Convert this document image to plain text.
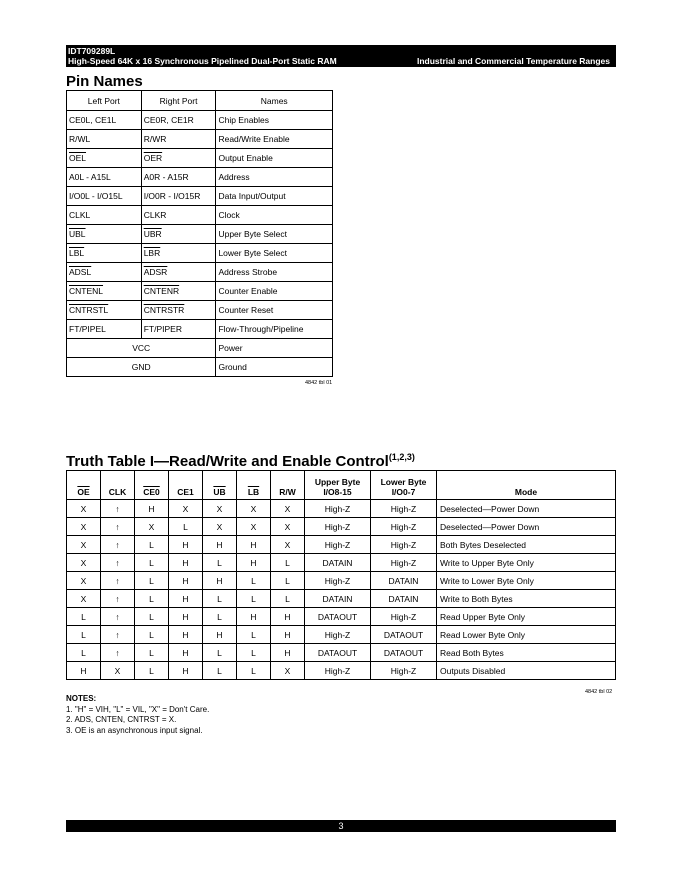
IDT709289L
High-Speed 64K x 16 Synchronous Pipelined Dual-Port Static RAM	Industrial and Commercial Temperature Ranges
Pin Names
Left Port	Right Port	Names
CE0L, CE1L	CE0R, CE1R	Chip Enables
R/WL	R/WR	Read/Write Enable
$\overline{OEL}$	$\overline{OER}$	Output Enable
A0L - A15L	A0R - A15R	Address
I/O0L - I/O15L	I/O0R - I/O15R	Data Input/Output
CLKL	CLKR	Clock
$\overline{UBL}$	$\overline{UBR}$	Upper Byte Select
$\overline{LBL}$	$\overline{LBR}$	Lower Byte Select
ADSL	ADSR	Address Strobe
CNTENL	CNTENR	Counter Enable
CNTRSTL	CNTRSTR	Counter Reset
FT/PIPEL	FT/PIPER	Flow-Through/Pipeline
VCC		Power
GND		Ground
4842 tbl 01
Truth Table I—Read/Write and Enable Control$^{(1,2,3)}$
$\overline{OE}$	CLK	CE0	CE1	$\overline{UB}$	$\overline{LB}$	R/W	Upper Byte I/O8-15	Lower Byte I/O0-7	Mode
X	↑	H	X	X	X	X	High-Z	High-Z	Deselected—Power Down
X	↑	X	L	X	X	X	High-Z	High-Z	Deselected—Power Down
X	↑	L	H	H	H	X	High-Z	High-Z	Both Bytes Deselected
X	↑	L	H	L	H	L	DATAIN	High-Z	Write to Upper Byte Only
X	↑	L	H	H	L	L	High-Z	DATAIN	Write to Lower Byte Only
X	↑	L	H	L	L	L	DATAIN	DATAIN	Write to Both Bytes
L	↑	L	H	L	H	H	DATAOUT	High-Z	Read Upper Byte Only
L	↑	L	H	H	L	H	High-Z	DATAOUT	Read Lower Byte Only
L	↑	L	H	L	L	H	DATAOUT	DATAOUT	Read Both Bytes
H	X	L	H	L	L	X	High-Z	High-Z	Outputs Disabled
4842 tbl 02
NOTES:
1. "H" = VIH, "L" = VIL, "X" = Don't Care.
2. ADS, CNTEN, CNTRST = X.
3. OE is an asynchronous input signal.
3
